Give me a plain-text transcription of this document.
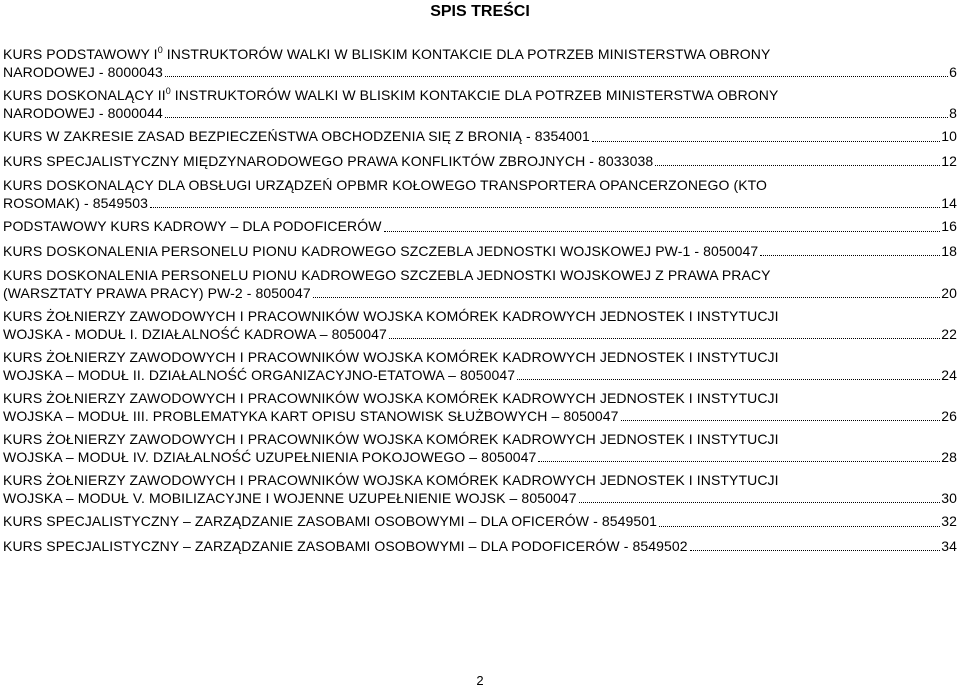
SPIS TREŚCI
KURS PODSTAWOWY $I^0$ INSTRUKTORÓW WALKI W BLISKIM KONTAKCIE DLA POTRZEB MINISTERSTWA OBRONY
NARODOWEJ - 8000043	6
KURS DOSKONALĄCY $II^0$ INSTRUKTORÓW WALKI W BLISKIM KONTAKCIE DLA POTRZEB MINISTERSTWA OBRONY
NARODOWEJ - 8000044	8
KURS W ZAKRESIE ZASAD BEZPIECZEŃSTWA OBCHODZENIA SIĘ Z BRONIĄ - 8354001	10
KURS SPECJALISTYCZNY MIĘDZYNARODOWEGO PRAWA KONFLIKTÓW ZBROJNYCH - 8033038	12
KURS DOSKONALĄCY DLA OBSŁUGI URZĄDZEŃ OPBMR KOŁOWEGO TRANSPORTERA OPANCERZONEGO (KTO
ROSOMAK) - 8549503	14
PODSTAWOWY KURS KADROWY – DLA PODOFICERÓW	16
KURS DOSKONALENIA PERSONELU PIONU KADROWEGO SZCZEBLA JEDNOSTKI WOJSKOWEJ PW-1 - 8050047	18
KURS DOSKONALENIA PERSONELU PIONU KADROWEGO SZCZEBLA JEDNOSTKI WOJSKOWEJ Z PRAWA PRACY
(WARSZTATY PRAWA PRACY) PW-2 - 8050047	20
KURS ŻOŁNIERZY ZAWODOWYCH I PRACOWNIKÓW WOJSKA KOMÓREK KADROWYCH JEDNOSTEK I INSTYTUCJI
WOJSKA - MODUŁ I. DZIAŁALNOŚĆ KADROWA – 8050047	22
KURS ŻOŁNIERZY ZAWODOWYCH I PRACOWNIKÓW WOJSKA KOMÓREK KADROWYCH JEDNOSTEK I INSTYTUCJI
WOJSKA – MODUŁ II. DZIAŁALNOŚĆ ORGANIZACYJNO-ETATOWA – 8050047	24
KURS ŻOŁNIERZY ZAWODOWYCH I PRACOWNIKÓW WOJSKA KOMÓREK KADROWYCH JEDNOSTEK I INSTYTUCJI
WOJSKA – MODUŁ III. PROBLEMATYKA KART OPISU STANOWISK SŁUŻBOWYCH – 8050047	26
KURS ŻOŁNIERZY ZAWODOWYCH I PRACOWNIKÓW WOJSKA KOMÓREK KADROWYCH JEDNOSTEK I INSTYTUCJI
WOJSKA – MODUŁ IV. DZIAŁALNOŚĆ UZUPEŁNIENIA POKOJOWEGO – 8050047	28
KURS ŻOŁNIERZY ZAWODOWYCH I PRACOWNIKÓW WOJSKA KOMÓREK KADROWYCH JEDNOSTEK I INSTYTUCJI
WOJSKA – MODUŁ V. MOBILIZACYJNE I WOJENNE UZUPEŁNIENIE WOJSK – 8050047	30
KURS SPECJALISTYCZNY – ZARZĄDZANIE ZASOBAMI OSOBOWYMI – DLA OFICERÓW - 8549501	32
KURS SPECJALISTYCZNY – ZARZĄDZANIE ZASOBAMI OSOBOWYMI – DLA PODOFICERÓW - 8549502	34
2
